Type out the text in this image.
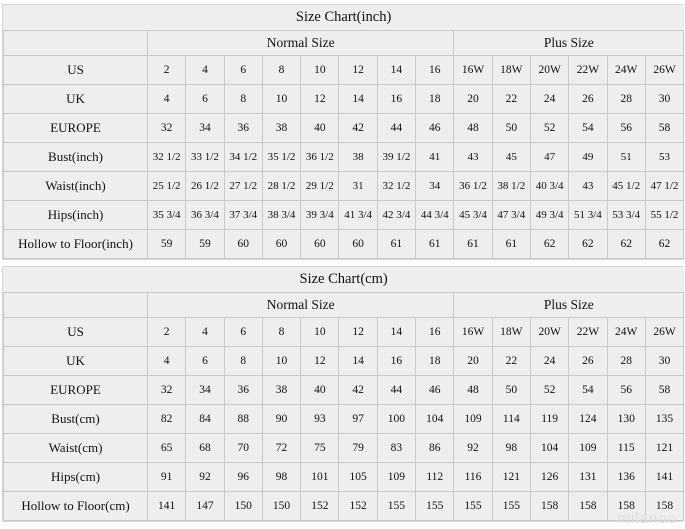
Size Chart(inch)														
	Normal Size								Plus Size					
US	2	4	6	8	10	12	14	16	16W	18W	20W	22W	24W	26W
UK	4	6	8	10	12	14	16	18	20	22	24	26	28	30
EUROPE	32	34	36	38	40	42	44	46	48	50	52	54	56	58
Bust(inch)	32 1/2	33 1/2	34 1/2	35 1/2	36 1/2	38	39 1/2	41	43	45	47	49	51	53
Waist(inch)	25 1/2	26 1/2	27 1/2	28 1/2	29 1/2	31	32 1/2	34	36 1/2	38 1/2	40 3/4	43	45 1/2	47 1/2
Hips(inch)	35 3/4	36 3/4	37 3/4	38 3/4	39 3/4	41 3/4	42 3/4	44 3/4	45 3/4	47 3/4	49 3/4	51 3/4	53 3/4	55 1/2
Hollow to Floor(inch)	59	59	60	60	60	60	61	61	61	61	62	62	62	62
Size Chart(cm)														
	Normal Size								Plus Size					
US	2	4	6	8	10	12	14	16	16W	18W	20W	22W	24W	26W
UK	4	6	8	10	12	14	16	18	20	22	24	26	28	30
EUROPE	32	34	36	38	40	42	44	46	48	50	52	54	56	58
Bust(cm)	82	84	88	90	93	97	100	104	109	114	119	124	130	135
Waist(cm)	65	68	70	72	75	79	83	86	92	98	104	109	115	121
Hips(cm)	91	92	96	98	101	105	109	112	116	121	126	131	136	141
Hollow to Floor(cm)	141	147	150	150	152	152	155	155	155	155	158	158	158	158
milanoo
